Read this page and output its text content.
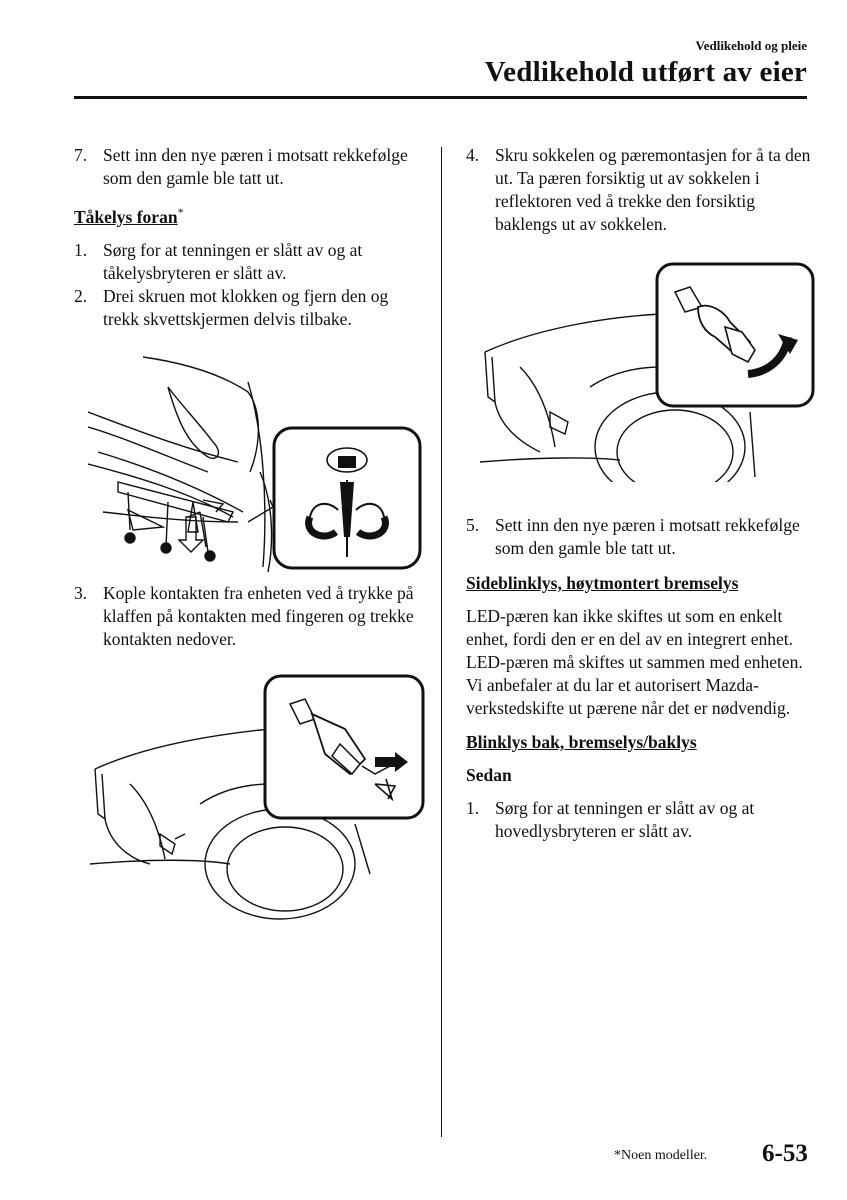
Vedlikehold og pleie
Vedlikehold utført av eier
7. Sett inn den nye pæren i motsatt rekkefølge som den gamle ble tatt ut.
Tåkelys foran*
1. Sørg for at tenningen er slått av og at tåkelysbryteren er slått av.
2. Drei skruen mot klokken og fjern den og trekk skvettskjermen delvis tilbake.
3. Kople kontakten fra enheten ved å trykke på klaffen på kontakten med fingeren og trekke kontakten nedover.
4. Skru sokkelen og pæremontasjen for å ta den ut. Ta pæren forsiktig ut av sokkelen i reflektoren ved å trekke den forsiktig baklengs ut av sokkelen.
5. Sett inn den nye pæren i motsatt rekkefølge som den gamle ble tatt ut.
Sideblinklys, høytmontert bremselys
LED-pæren kan ikke skiftes ut som en enkelt enhet, fordi den er en del av en integrert enhet.
LED-pæren må skiftes ut sammen med enheten. Vi anbefaler at du lar et autorisert Mazda-verkstedskifte ut pærene når det er nødvendig.
Blinklys bak, bremselys/baklys
Sedan
1. Sørg for at tenningen er slått av og at hovedlysbryteren er slått av.
*Noen modeller. 6-53
